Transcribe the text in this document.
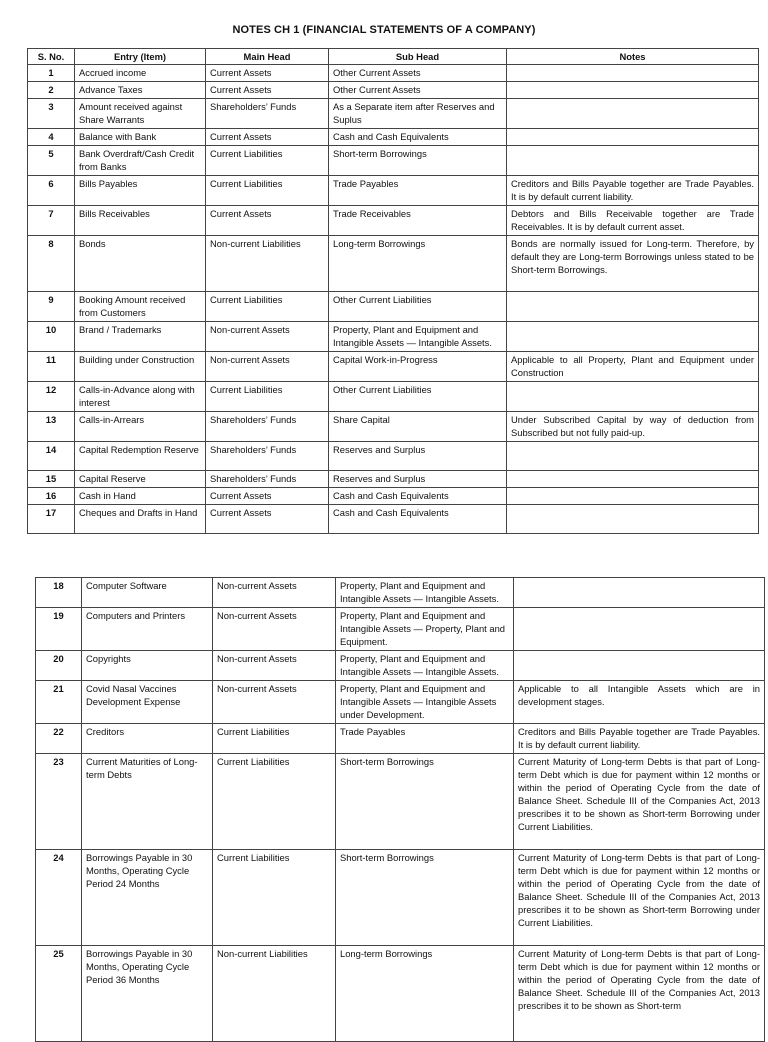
NOTES CH 1 (FINANCIAL STATEMENTS OF A COMPANY)
S. No.	Entry (Item)	Main Head	Sub Head	Notes
1	Accrued income	Current Assets	Other Current Assets	
2	Advance Taxes	Current Assets	Other Current Assets	
3	Amount received against Share Warrants	Shareholders’ Funds	As a Separate item after Reserves and Suplus	
4	Balance with Bank	Current Assets	Cash and Cash Equivalents	
5	Bank Overdraft/Cash Credit from Banks	Current Liabilities	Short-term Borrowings	
6	Bills Payables	Current Liabilities	Trade Payables	Creditors and Bills Payable together are Trade Payables. It is by default current liability.
7	Bills Receivables	Current Assets	Trade Receivables	Debtors and Bills Receivable together are Trade Receivables. It is by default current asset.
8	Bonds	Non-current Liabilities	Long-term Borrowings	Bonds are normally issued for Long-term. Therefore, by default they are Long-term Borrowings unless stated to be Short-term Borrowings.
9	Booking Amount received from Customers	Current Liabilities	Other Current Liabilities	
10	Brand / Trademarks	Non-current Assets	Property, Plant and Equipment and Intangible Assets — Intangible Assets.	
11	Building under Construction	Non-current Assets	Capital Work-in-Progress	Applicable to all Property, Plant and Equipment under Construction
12	Calls-in-Advance along with interest	Current Liabilities	Other Current Liabilities	
13	Calls-in-Arrears	Shareholders’ Funds	Share Capital	Under Subscribed Capital by way of deduction from Subscribed but not fully paid-up.
14	Capital Redemption Reserve	Shareholders’ Funds	Reserves and Surplus	
15	Capital Reserve	Shareholders’ Funds	Reserves and Surplus	
16	Cash in Hand	Current Assets	Cash and Cash Equivalents	
17	Cheques and Drafts in Hand	Current Assets	Cash and Cash Equivalents	
18	Computer Software	Non-current Assets	Property, Plant and Equipment and Intangible Assets — Intangible Assets.	
19	Computers and Printers	Non-current Assets	Property, Plant and Equipment and Intangible Assets — Property, Plant and Equipment.	
20	Copyrights	Non-current Assets	Property, Plant and Equipment and Intangible Assets — Intangible Assets.	
21	Covid Nasal Vaccines Development Expense	Non-current Assets	Property, Plant and Equipment and Intangible Assets — Intangible Assets under Development.	Applicable to all Intangible Assets which are in development stages.
22	Creditors	Current Liabilities	Trade Payables	Creditors and Bills Payable together are Trade Payables. It is by default current liability.
23	Current Maturities of Long-term Debts	Current Liabilities	Short-term Borrowings	Current Maturity of Long-term Debts is that part of Long-term Debt which is due for payment within 12 months or within the period of Operating Cycle from the date of Balance Sheet. Schedule III of the Companies Act, 2013 prescribes it to be shown as Short-term Borrowing under Current Liabilities.
24	Borrowings Payable in 30 Months, Operating Cycle Period 24 Months	Current Liabilities	Short-term Borrowings	Current Maturity of Long-term Debts is that part of Long-term Debt which is due for payment within 12 months or within the period of Operating Cycle from the date of Balance Sheet. Schedule III of the Companies Act, 2013 prescribes it to be shown as Short-term Borrowing under Current Liabilities.
25	Borrowings Payable in 30 Months, Operating Cycle Period 36 Months	Non-current Liabilities	Long-term Borrowings	Current Maturity of Long-term Debts is that part of Long-term Debt which is due for payment within 12 months or within the period of Operating Cycle from the date of Balance Sheet. Schedule III of the Companies Act, 2013 prescribes it to be shown as Short-term
